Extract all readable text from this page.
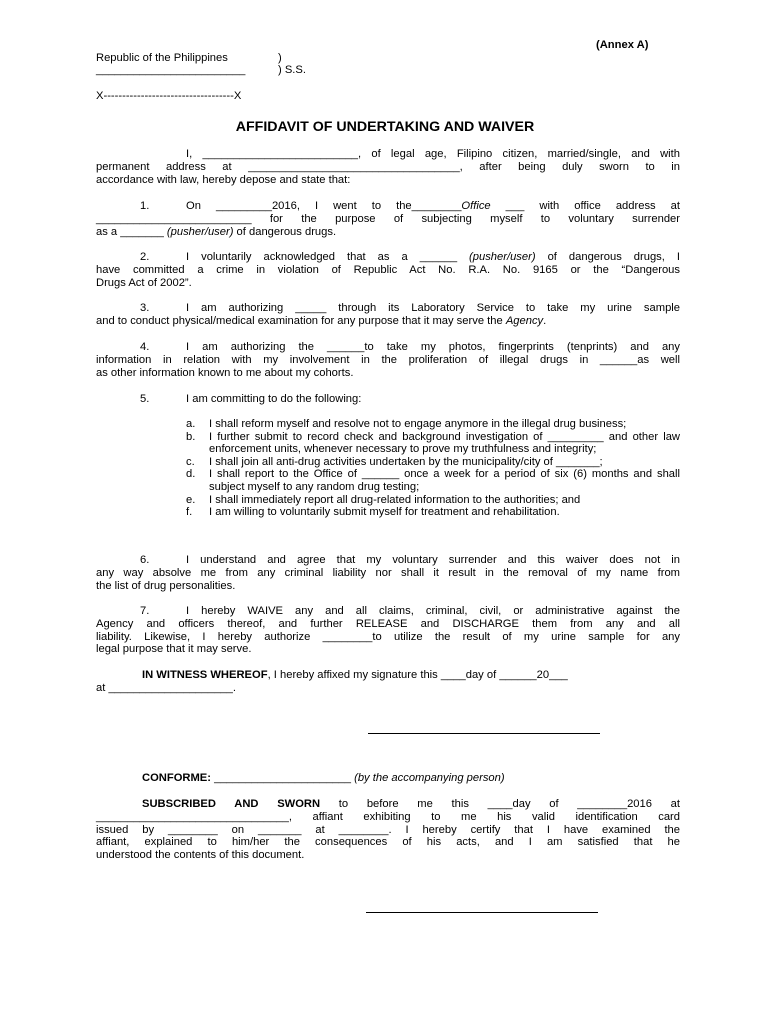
(Annex A)
Republic of the Philippines	)
________________________	) S.S.
X-----------------------------------X
AFFIDAVIT OF UNDERTAKING AND WAIVER
I, _________________________, of legal age, Filipino citizen, married/single, and with
permanent address at __________________________________, after being duly sworn to in
accordance with law, hereby depose and state that:
1.	On _________2016, I went to the________Office ___ with office address at
_________________________ for the purpose of subjecting myself to voluntary surrender
as a _______ (pusher/user) of dangerous drugs.
2.	I voluntarily acknowledged that as a ______ (pusher/user) of dangerous drugs, I
have committed a crime in violation of Republic Act No. R.A. No. 9165 or the “Dangerous
Drugs Act of 2002”.
3.	I am authorizing _____ through its Laboratory Service to take my urine sample
and to conduct physical/medical examination for any purpose that it may serve the Agency.
4.	I am authorizing the ______to take my photos, fingerprints (tenprints) and any
information in relation with my involvement in the proliferation of illegal drugs in ______as well
as other information known to me about my cohorts.
5.	I am committing to do the following:
a. I shall reform myself and resolve not to engage anymore in the illegal drug business;
b. I further submit to record check and background investigation of _________ and other law enforcement units, whenever necessary to prove my truthfulness and integrity;
c. I shall join all anti-drug activities undertaken by the municipality/city of _______;
d. I shall report to the Office of ______ once a week for a period of six (6) months and shall subject myself to any random drug testing;
e. I shall immediately report all drug-related information to the authorities; and
f. I am willing to voluntarily submit myself for treatment and rehabilitation.
6.	I understand and agree that my voluntary surrender and this waiver does not in
any way absolve me from any criminal liability nor shall it result in the removal of my name from
the list of drug personalities.
7.	I hereby WAIVE any and all claims, criminal, civil, or administrative against the
Agency and officers thereof, and further RELEASE and DISCHARGE them from any and all
liability. Likewise, I hereby authorize ________to utilize the result of my urine sample for any
legal purpose that it may serve.
IN WITNESS WHEREOF, I hereby affixed my signature this ____day of ______20___
at ____________________.
CONFORME: ______________________ (by the accompanying person)
SUBSCRIBED AND SWORN to before me this ____day of ________2016 at
_______________________________, affiant exhibiting to me his valid identification card
issued by ________ on _______ at ________. I hereby certify that I have examined the
affiant, explained to him/her the consequences of his acts, and I am satisfied that he
understood the contents of this document.
